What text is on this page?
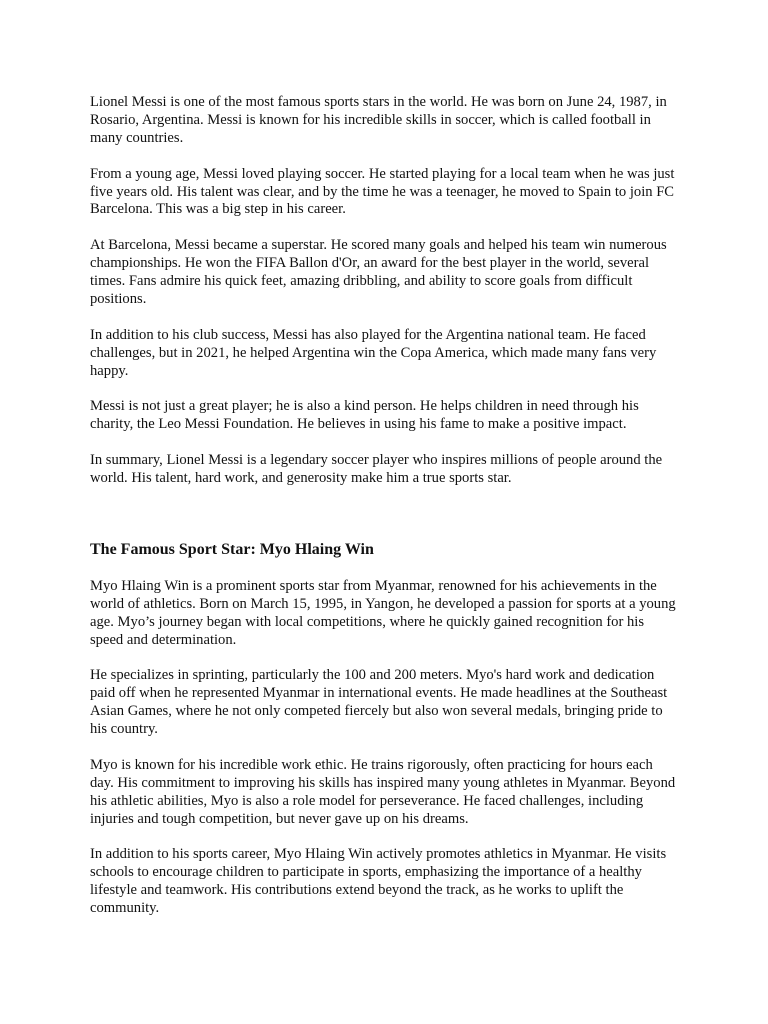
Lionel Messi is one of the most famous sports stars in the world. He was born on June 24, 1987, in Rosario, Argentina. Messi is known for his incredible skills in soccer, which is called football in many countries.

From a young age, Messi loved playing soccer. He started playing for a local team when he was just five years old. His talent was clear, and by the time he was a teenager, he moved to Spain to join FC Barcelona. This was a big step in his career.

At Barcelona, Messi became a superstar. He scored many goals and helped his team win numerous championships. He won the FIFA Ballon d'Or, an award for the best player in the world, several times. Fans admire his quick feet, amazing dribbling, and ability to score goals from difficult positions.

In addition to his club success, Messi has also played for the Argentina national team. He faced challenges, but in 2021, he helped Argentina win the Copa America, which made many fans very happy.

Messi is not just a great player; he is also a kind person. He helps children in need through his charity, the Leo Messi Foundation. He believes in using his fame to make a positive impact.

In summary, Lionel Messi is a legendary soccer player who inspires millions of people around the world. His talent, hard work, and generosity make him a true sports star.

The Famous Sport Star: Myo Hlaing Win

Myo Hlaing Win is a prominent sports star from Myanmar, renowned for his achievements in the world of athletics. Born on March 15, 1995, in Yangon, he developed a passion for sports at a young age. Myo’s journey began with local competitions, where he quickly gained recognition for his speed and determination.

He specializes in sprinting, particularly the 100 and 200 meters. Myo's hard work and dedication paid off when he represented Myanmar in international events. He made headlines at the Southeast Asian Games, where he not only competed fiercely but also won several medals, bringing pride to his country.

Myo is known for his incredible work ethic. He trains rigorously, often practicing for hours each day. His commitment to improving his skills has inspired many young athletes in Myanmar. Beyond his athletic abilities, Myo is also a role model for perseverance. He faced challenges, including injuries and tough competition, but never gave up on his dreams.

In addition to his sports career, Myo Hlaing Win actively promotes athletics in Myanmar. He visits schools to encourage children to participate in sports, emphasizing the importance of a healthy lifestyle and teamwork. His contributions extend beyond the track, as he works to uplift the community.
